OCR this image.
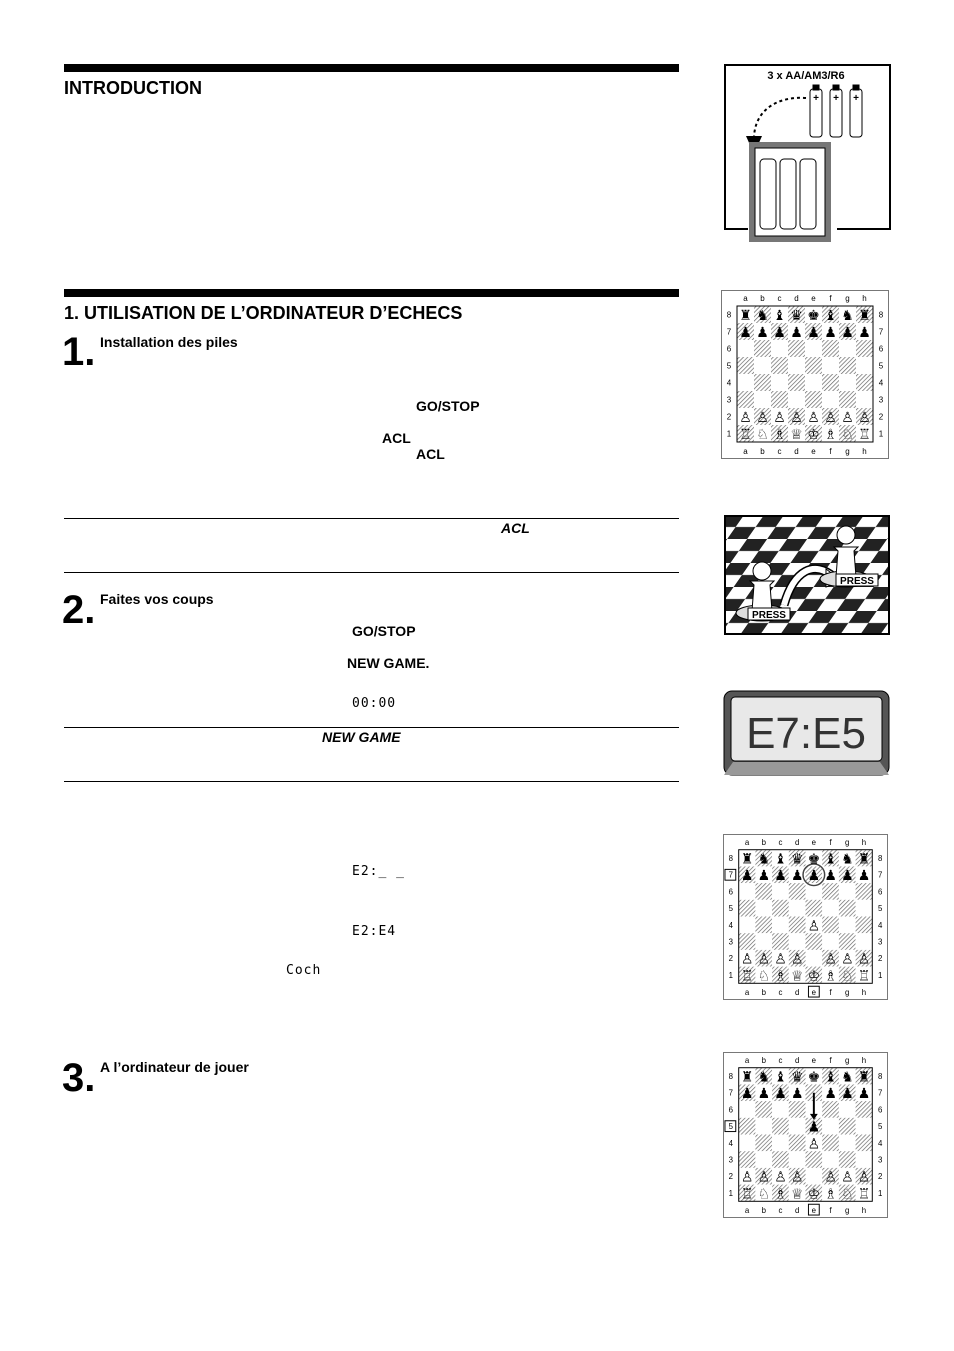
INTRODUCTION
1. UTILISATION DE L’ORDINATEUR D’ECHECS
1. Installation des piles
GO/STOP
ACL
ACL
ACL
2. Faites vos coups
GO/STOP
NEW GAME.
00:00
NEW GAME
E2:_ _
E2:E4
Coch
3. A l’ordinateur de jouer
3 x AA/AM3/R6
+ + +
a
a
b
b
c
c
d
d
e
e
f
f
g
g
h
h
8	8
7	7
6	6
5	5
4	4
3	3
2	2
1	1
♜ ♞ ♝ ♛ ♚ ♝ ♞ ♜
♟ ♟ ♟ ♟ ♟ ♟ ♟ ♟
♙ ♙ ♙ ♙ ♙ ♙ ♙ ♙
♖ ♘ ♗ ♕ ♔ ♗ ♘ ♖
PRESS
PRESS
E7:E5
a
a
b
b
c
c
d
d
e
e
f
f
g
g
h
h
8	8
7	7
6	6
5	5
4	4
3	3
2	2
1	1
♜ ♞ ♝ ♛ ♚ ♝ ♞ ♜
♟ ♟ ♟ ♟ ♟ ♟ ♟ ♟
♙
♙ ♙ ♙ ♙ ♙ ♙ ♙
♖ ♘ ♗ ♕ ♔ ♗ ♘ ♖
a
a
b
b
c
c
d
d
e
e
f
f
g
g
h
h
8	8
7	7
6	6
5	5
4	4
3	3
2	2
1	1
♜ ♞ ♝ ♛ ♚ ♝ ♞ ♜
♟ ♟ ♟ ♟ ♟ ♟ ♟
♟
♙
♙ ♙ ♙ ♙ ♙ ♙ ♙
♖ ♘ ♗ ♕ ♔ ♗ ♘ ♖
